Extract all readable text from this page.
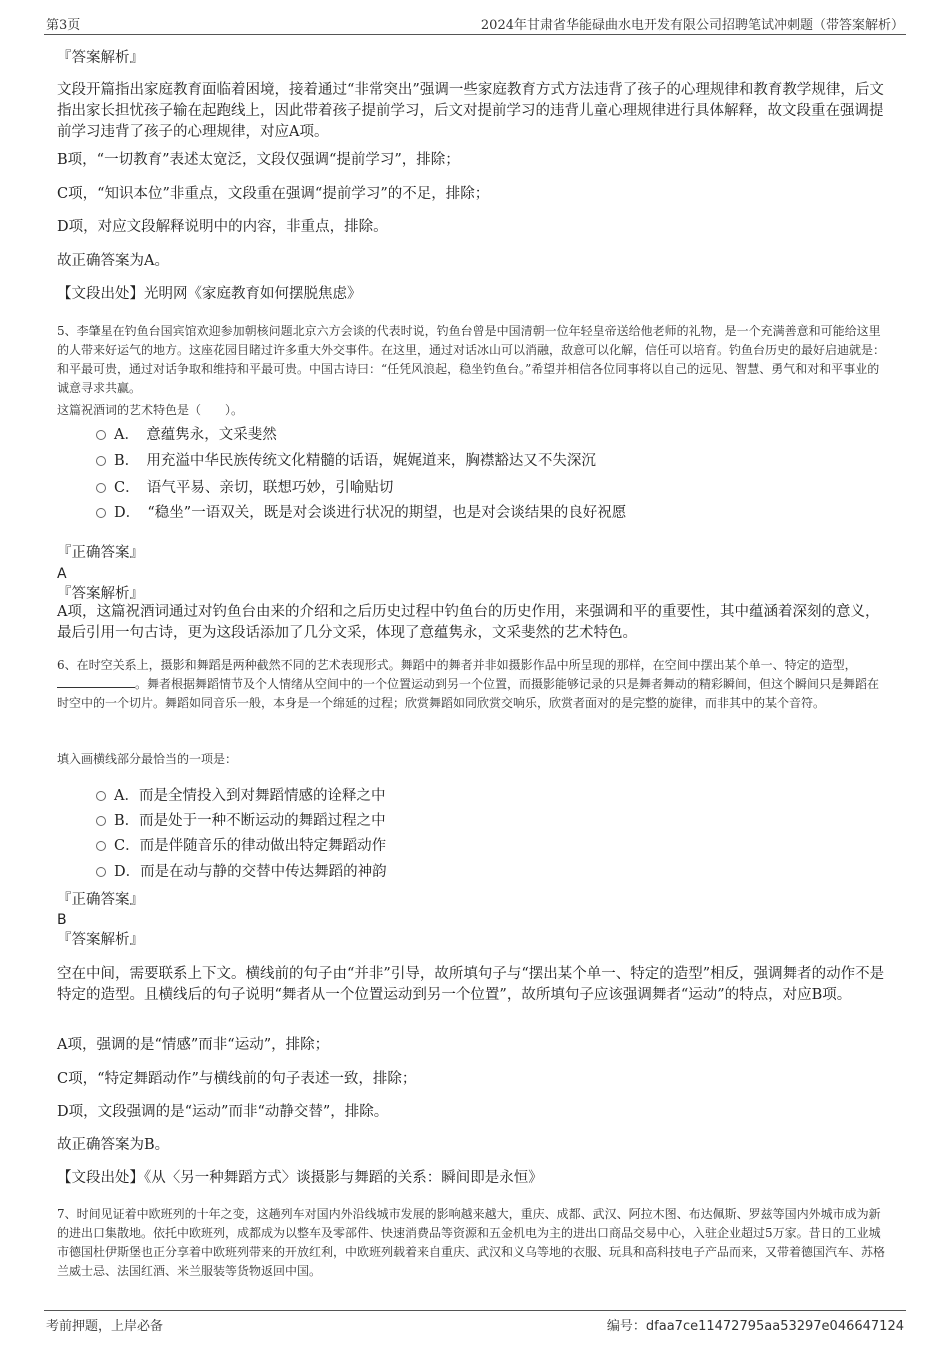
第3页	2024年甘肃省华能碌曲水电开发有限公司招聘笔试冲刺题（带答案解析）

『答案解析』

文段开篇指出家庭教育面临着困境，接着通过“非常突出”强调一些家庭教育方式方法违背了孩子的心理规律和教育教学规律，后文指出家长担忧孩子输在起跑线上，因此带着孩子提前学习，后文对提前学习的违背儿童心理规律进行具体解释，故文段重在强调提前学习违背了孩子的心理规律，对应A项。

B项，“一切教育”表述太宽泛，文段仅强调“提前学习”，排除；

C项，“知识本位”非重点，文段重在强调“提前学习”的不足，排除；

D项，对应文段解释说明中的内容，非重点，排除。

故正确答案为A。

【文段出处】光明网《家庭教育如何摆脱焦虑》

5、李肇星在钓鱼台国宾馆欢迎参加朝核问题北京六方会谈的代表时说，钓鱼台曾是中国清朝一位年轻皇帝送给他老师的礼物，是一个充满善意和可能给这里的人带来好运气的地方。这座花园目睹过许多重大外交事件。在这里，通过对话冰山可以消融，敌意可以化解，信任可以培育。钓鱼台历史的最好启迪就是：和平最可贵，通过对话争取和维持和平最可贵。中国古诗曰：“任凭风浪起，稳坐钓鱼台。”希望并相信各位同事将以自己的远见、智慧、勇气和对和平事业的诚意寻求共赢。

这篇祝酒词的艺术特色是（　　）。

A．　意蕴隽永，文采斐然
B．　用充溢中华民族传统文化精髓的话语，娓娓道来，胸襟豁达又不失深沉
C．　语气平易、亲切，联想巧妙，引喻贴切
D．　“稳坐”一语双关，既是对会谈进行状况的期望，也是对会谈结果的良好祝愿

『正确答案』

A

『答案解析』

A项，这篇祝酒词通过对钓鱼台由来的介绍和之后历史过程中钓鱼台的历史作用，来强调和平的重要性，其中蕴涵着深刻的意义，最后引用一句古诗，更为这段话添加了几分文采，体现了意蕴隽永，文采斐然的艺术特色。

6、在时空关系上，摄影和舞蹈是两种截然不同的艺术表现形式。舞蹈中的舞者并非如摄影作品中所呈现的那样，在空间中摆出某个单一、特定的造型，。舞者根据舞蹈情节及个人情绪从空间中的一个位置运动到另一个位置，而摄影能够记录的只是舞者舞动的精彩瞬间，但这个瞬间只是舞蹈在时空中的一个切片。舞蹈如同音乐一般，本身是一个绵延的过程；欣赏舞蹈如同欣赏交响乐，欣赏者面对的是完整的旋律，而非其中的某个音符。

填入画横线部分最恰当的一项是：

A．而是全情投入到对舞蹈情感的诠释之中
B．而是处于一种不断运动的舞蹈过程之中
C．而是伴随音乐的律动做出特定舞蹈动作
D．而是在动与静的交替中传达舞蹈的神韵

『正确答案』

B

『答案解析』

空在中间，需要联系上下文。横线前的句子由“并非”引导，故所填句子与“摆出某个单一、特定的造型”相反，强调舞者的动作不是特定的造型。且横线后的句子说明“舞者从一个位置运动到另一个位置”，故所填句子应该强调舞者“运动”的特点，对应B项。

A项，强调的是“情感”而非“运动”，排除；

C项，“特定舞蹈动作”与横线前的句子表述一致，排除；

D项，文段强调的是“运动”而非“动静交替”，排除。

故正确答案为B。

【文段出处】《从〈另一种舞蹈方式〉谈摄影与舞蹈的关系：瞬间即是永恒》

7、时间见证着中欧班列的十年之变，这趟列车对国内外沿线城市发展的影响越来越大，重庆、成都、武汉、阿拉木图、布达佩斯、罗兹等国内外城市成为新的进出口集散地。依托中欧班列，成都成为以整车及零部件、快速消费品等资源和五金机电为主的进出口商品交易中心，入驻企业超过5万家。昔日的工业城市德国杜伊斯堡也正分享着中欧班列带来的开放红利，中欧班列载着来自重庆、武汉和义乌等地的衣服、玩具和高科技电子产品而来，又带着德国汽车、苏格兰威士忌、法国红酒、米兰服装等货物返回中国。

考前押题，上岸必备	编号：dfaa7ce11472795aa53297e046647124
